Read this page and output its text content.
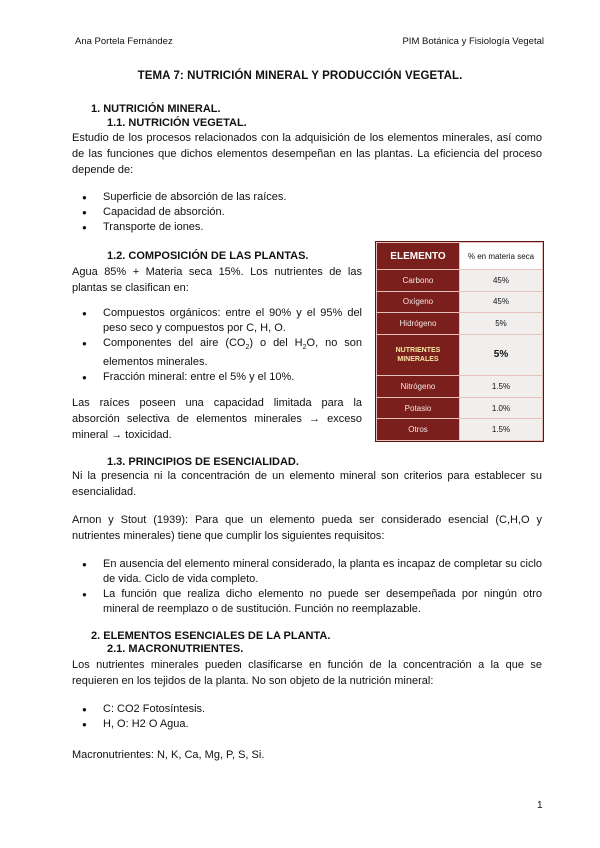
Ana Portela Fernández	PIM Botánica y Fisiología Vegetal
TEMA 7: NUTRICIÓN MINERAL Y PRODUCCIÓN VEGETAL.
1. NUTRICIÓN MINERAL.
1.1. NUTRICIÓN VEGETAL.

Estudio de los procesos relacionados con la adquisición de los elementos minerales, así como de las funciones que dichos elementos desempeñan en las plantas. La eficiencia del proceso depende de:

● Superficie de absorción de las raíces.
● Capacidad de absorción.
● Transporte de iones.
1.2. COMPOSICIÓN DE LAS PLANTAS.

Agua 85% + Materia seca 15%. Los nutrientes de las plantas se clasifican en:

● Compuestos orgánicos: entre el 90% y el 95% del peso seco y compuestos por C, H, O.
● Componentes del aire $(CO_2)$ o del $H_2O$, no son elementos minerales.
● Fracción mineral: entre el 5% y el 10%.

Las raíces poseen una capacidad limitada para la absorción selectiva de elementos minerales → exceso mineral → toxicidad.

ELEMENTO	% en materia seca
Carbono	45%
Oxígeno	45%
Hidrógeno	5%
NUTRIENTES MINERALES	5%
Nitrógeno	1.5%
Potasio	1.0%
Otros	1.5%
1.3. PRINCIPIOS DE ESENCIALIDAD.

Ni la presencia ni la concentración de un elemento mineral son criterios para establecer su esencialidad.

Arnon y Stout (1939): Para que un elemento pueda ser considerado esencial (C,H,O y nutrientes minerales) tiene que cumplir los siguientes requisitos:

● En ausencia del elemento mineral considerado, la planta es incapaz de completar su ciclo de vida. Ciclo de vida completo.
● La función que realiza dicho elemento no puede ser desempeñada por ningún otro mineral de reemplazo o de sustitución. Función no reemplazable.
2. ELEMENTOS ESENCIALES DE LA PLANTA.
2.1. MACRONUTRIENTES.

Los nutrientes minerales pueden clasificarse en función de la concentración a la que se requieren en los tejidos de la planta. No son objeto de la nutrición mineral:

● C: CO2 Fotosíntesis.
● H, O: H2 O Agua.

Macronutrientes: N, K, Ca, Mg, P, S, Si.

1
